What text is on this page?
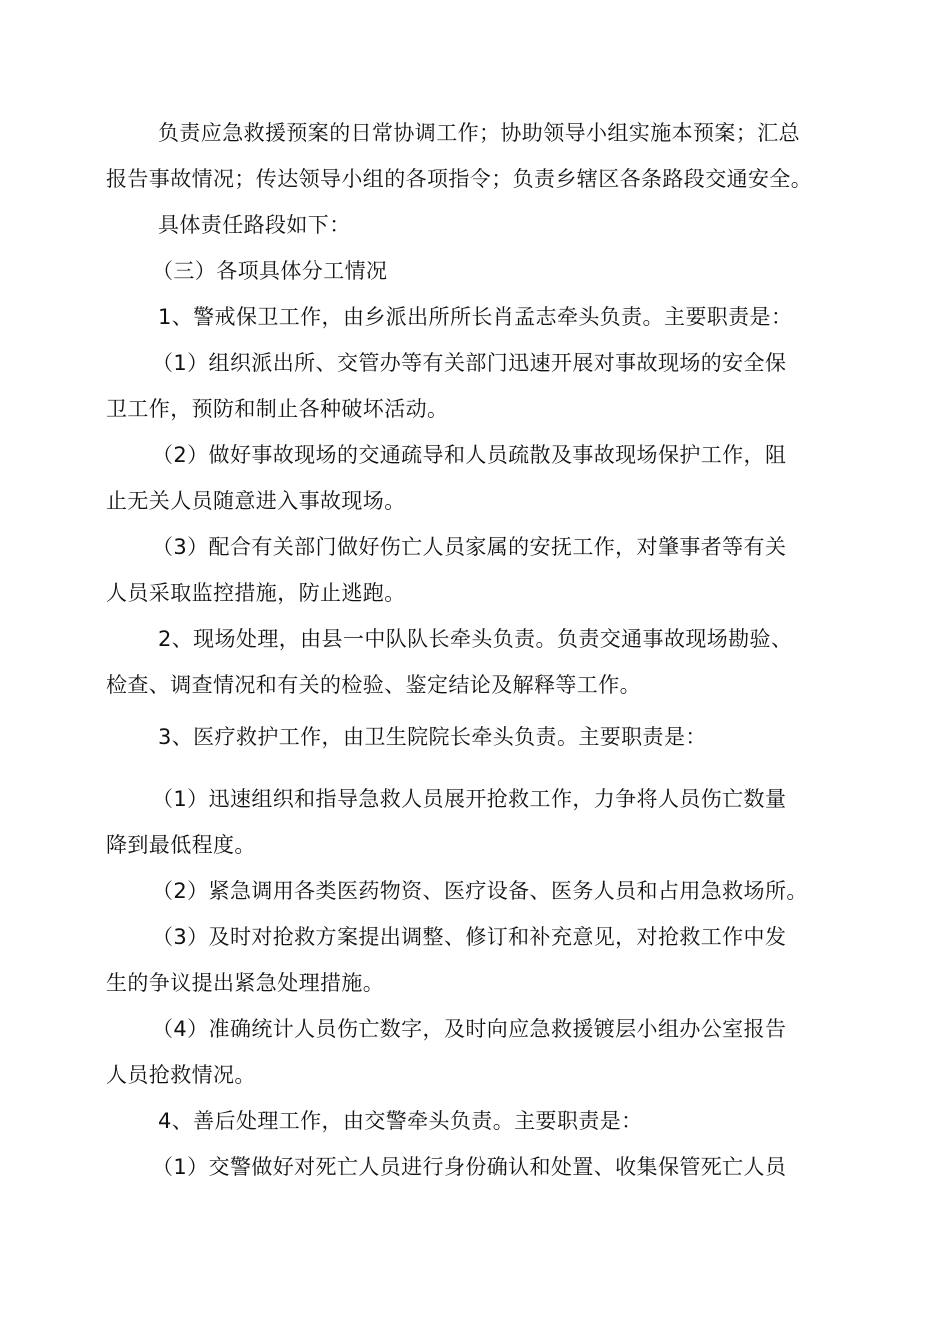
负责应急救援预案的日常协调工作；协助领导小组实施本预案；汇总

报告事故情况；传达领导小组的各项指令；负责乡辖区各条路段交通安全。

具体责任路段如下：

（三）各项具体分工情况

1、警戒保卫工作，由乡派出所所长肖孟志牵头负责。主要职责是：

（1）组织派出所、交管办等有关部门迅速开展对事故现场的安全保

卫工作，预防和制止各种破坏活动。

（2）做好事故现场的交通疏导和人员疏散及事故现场保护工作，阻

止无关人员随意进入事故现场。

（3）配合有关部门做好伤亡人员家属的安抚工作，对肇事者等有关

人员采取监控措施，防止逃跑。

2、现场处理，由县一中队队长牵头负责。负责交通事故现场勘验、

检查、调查情况和有关的检验、鉴定结论及解释等工作。

3、医疗救护工作，由卫生院院长牵头负责。主要职责是：

（1）迅速组织和指导急救人员展开抢救工作，力争将人员伤亡数量

降到最低程度。

（2）紧急调用各类医药物资、医疗设备、医务人员和占用急救场所。

（3）及时对抢救方案提出调整、修订和补充意见，对抢救工作中发

生的争议提出紧急处理措施。

（4）准确统计人员伤亡数字，及时向应急救援镀层小组办公室报告

人员抢救情况。

4、善后处理工作，由交警牵头负责。主要职责是：

（1）交警做好对死亡人员进行身份确认和处置、收集保管死亡人员
